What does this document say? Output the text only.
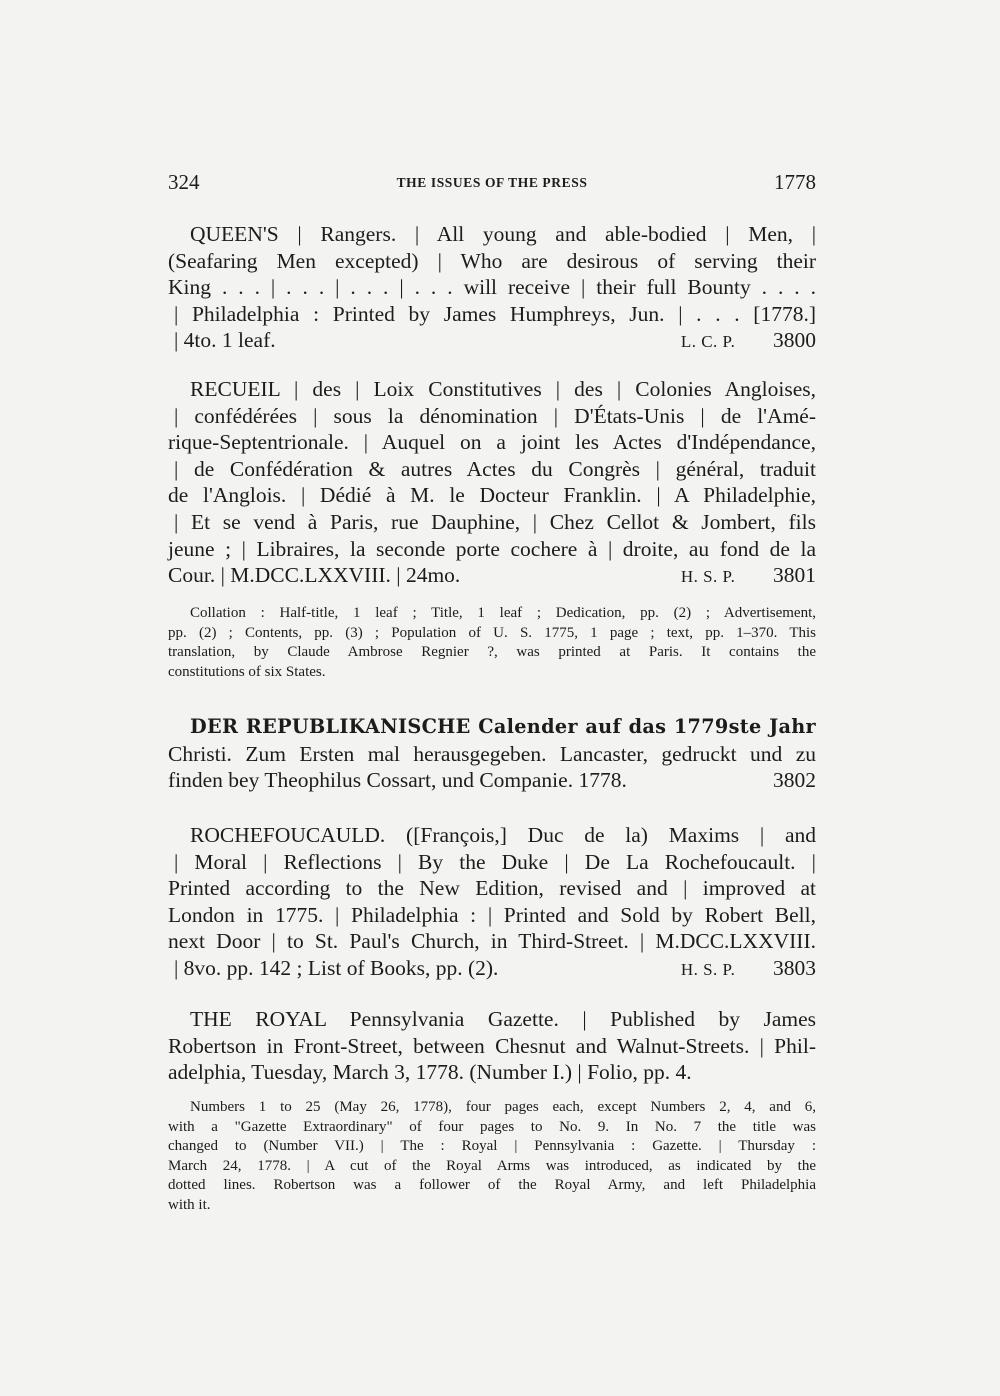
324	THE ISSUES OF THE PRESS	1778
QUEEN'S | Rangers. | All young and able-bodied | Men, |
(Seafaring Men excepted) | Who are desirous of serving their
King . . . | . . . | . . . | . . . will receive | their full Bounty . . . .
| Philadelphia : Printed by James Humphreys, Jun. | . . . [1778.]
| 4to. 1 leaf.	L. C. P. 3800
RECUEIL | des | Loix Constitutives | des | Colonies Angloises,
| confédérées | sous la dénomination | D'États-Unis | de l'Amé-
rique-Septentrionale. | Auquel on a joint les Actes d'Indépendance,
| de Confédération & autres Actes du Congrès | général, traduit
de l'Anglois. | Dédié à M. le Docteur Franklin. | A Philadelphie,
| Et se vend à Paris, rue Dauphine, | Chez Cellot & Jombert, fils
jeune ; | Libraires, la seconde porte cochere à | droite, au fond de la
Cour. | M.DCC.LXXVIII. | 24mo.	H. S. P. 3801
Collation : Half-title, 1 leaf ; Title, 1 leaf ; Dedication, pp. (2) ; Advertisement,
pp. (2) ; Contents, pp. (3) ; Population of U. S. 1775, 1 page ; text, pp. 1–370. This
translation, by Claude Ambrose Regnier ?, was printed at Paris. It contains the
constitutions of six States.
DER REPUBLIKANISCHE Calender auf das 1779ste Jahr
Christi. Zum Ersten mal herausgegeben. Lancaster, gedruckt und zu
finden bey Theophilus Cossart, und Companie. 1778.	3802
ROCHEFOUCAULD. ([François,] Duc de la) Maxims | and
| Moral | Reflections | By the Duke | De La Rochefoucault. |
Printed according to the New Edition, revised and | improved at
London in 1775. | Philadelphia : | Printed and Sold by Robert Bell,
next Door | to St. Paul's Church, in Third-Street. | M.DCC.LXXVIII.
| 8vo. pp. 142 ; List of Books, pp. (2).	H. S. P. 3803
THE ROYAL Pennsylvania Gazette. | Published by James
Robertson in Front-Street, between Chesnut and Walnut-Streets. | Phil-
adelphia, Tuesday, March 3, 1778. (Number I.) | Folio, pp. 4.
Numbers 1 to 25 (May 26, 1778), four pages each, except Numbers 2, 4, and 6,
with a "Gazette Extraordinary" of four pages to No. 9. In No. 7 the title was
changed to (Number VII.) | The : Royal | Pennsylvania : Gazette. | Thursday :
March 24, 1778. | A cut of the Royal Arms was introduced, as indicated by the
dotted lines. Robertson was a follower of the Royal Army, and left Philadelphia
with it.
